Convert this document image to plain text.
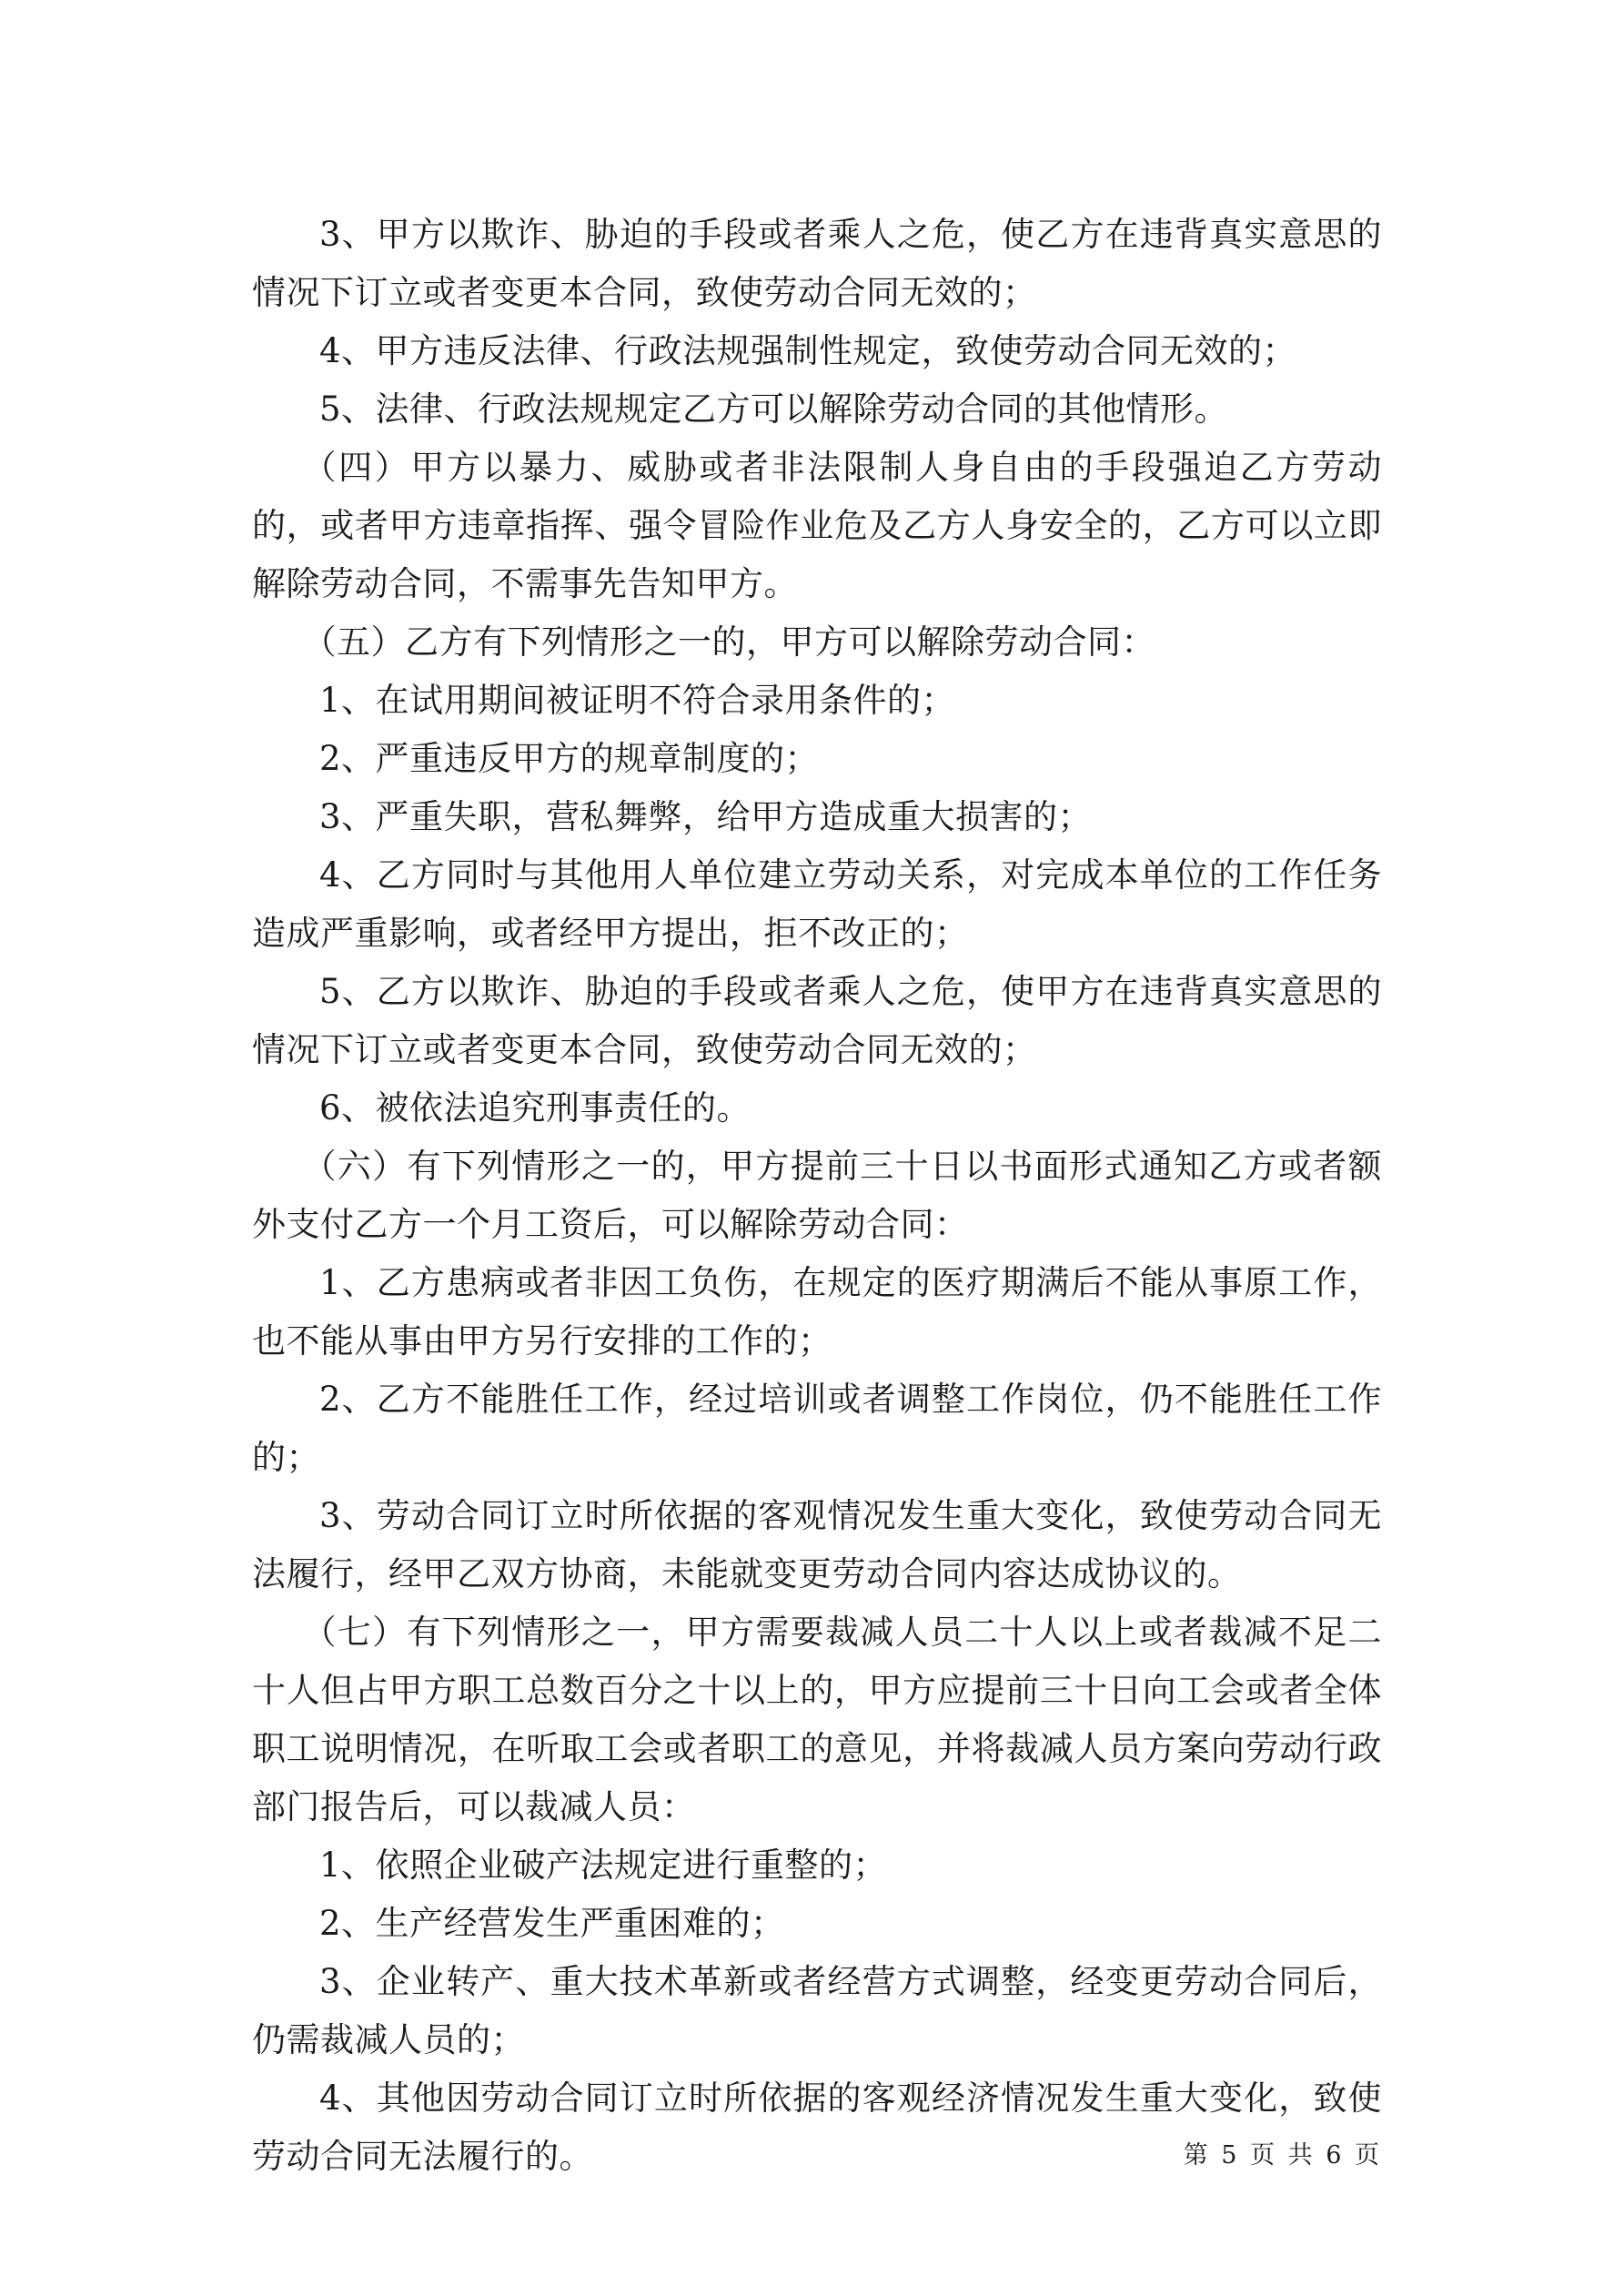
3、甲方以欺诈、胁迫的手段或者乘人之危，使乙方在违背真实意思的情况下订立或者变更本合同，致使劳动合同无效的；

4、甲方违反法律、行政法规强制性规定，致使劳动合同无效的；

5、法律、行政法规规定乙方可以解除劳动合同的其他情形。

（四）甲方以暴力、威胁或者非法限制人身自由的手段强迫乙方劳动的，或者甲方违章指挥、强令冒险作业危及乙方人身安全的，乙方可以立即解除劳动合同，不需事先告知甲方。

（五）乙方有下列情形之一的，甲方可以解除劳动合同：

1、在试用期间被证明不符合录用条件的；

2、严重违反甲方的规章制度的；

3、严重失职，营私舞弊，给甲方造成重大损害的；

4、乙方同时与其他用人单位建立劳动关系，对完成本单位的工作任务造成严重影响，或者经甲方提出，拒不改正的；

5、乙方以欺诈、胁迫的手段或者乘人之危，使甲方在违背真实意思的情况下订立或者变更本合同，致使劳动合同无效的；

6、被依法追究刑事责任的。

（六）有下列情形之一的，甲方提前三十日以书面形式通知乙方或者额外支付乙方一个月工资后，可以解除劳动合同：

1、乙方患病或者非因工负伤，在规定的医疗期满后不能从事原工作，也不能从事由甲方另行安排的工作的；

2、乙方不能胜任工作，经过培训或者调整工作岗位，仍不能胜任工作的；

3、劳动合同订立时所依据的客观情况发生重大变化，致使劳动合同无法履行，经甲乙双方协商，未能就变更劳动合同内容达成协议的。

（七）有下列情形之一，甲方需要裁减人员二十人以上或者裁减不足二十人但占甲方职工总数百分之十以上的，甲方应提前三十日向工会或者全体职工说明情况，在听取工会或者职工的意见，并将裁减人员方案向劳动行政部门报告后，可以裁减人员：

1、依照企业破产法规定进行重整的；

2、生产经营发生严重困难的；

3、企业转产、重大技术革新或者经营方式调整，经变更劳动合同后，仍需裁减人员的；

4、其他因劳动合同订立时所依据的客观经济情况发生重大变化，致使劳动合同无法履行的。	第 5 页 共 6 页
